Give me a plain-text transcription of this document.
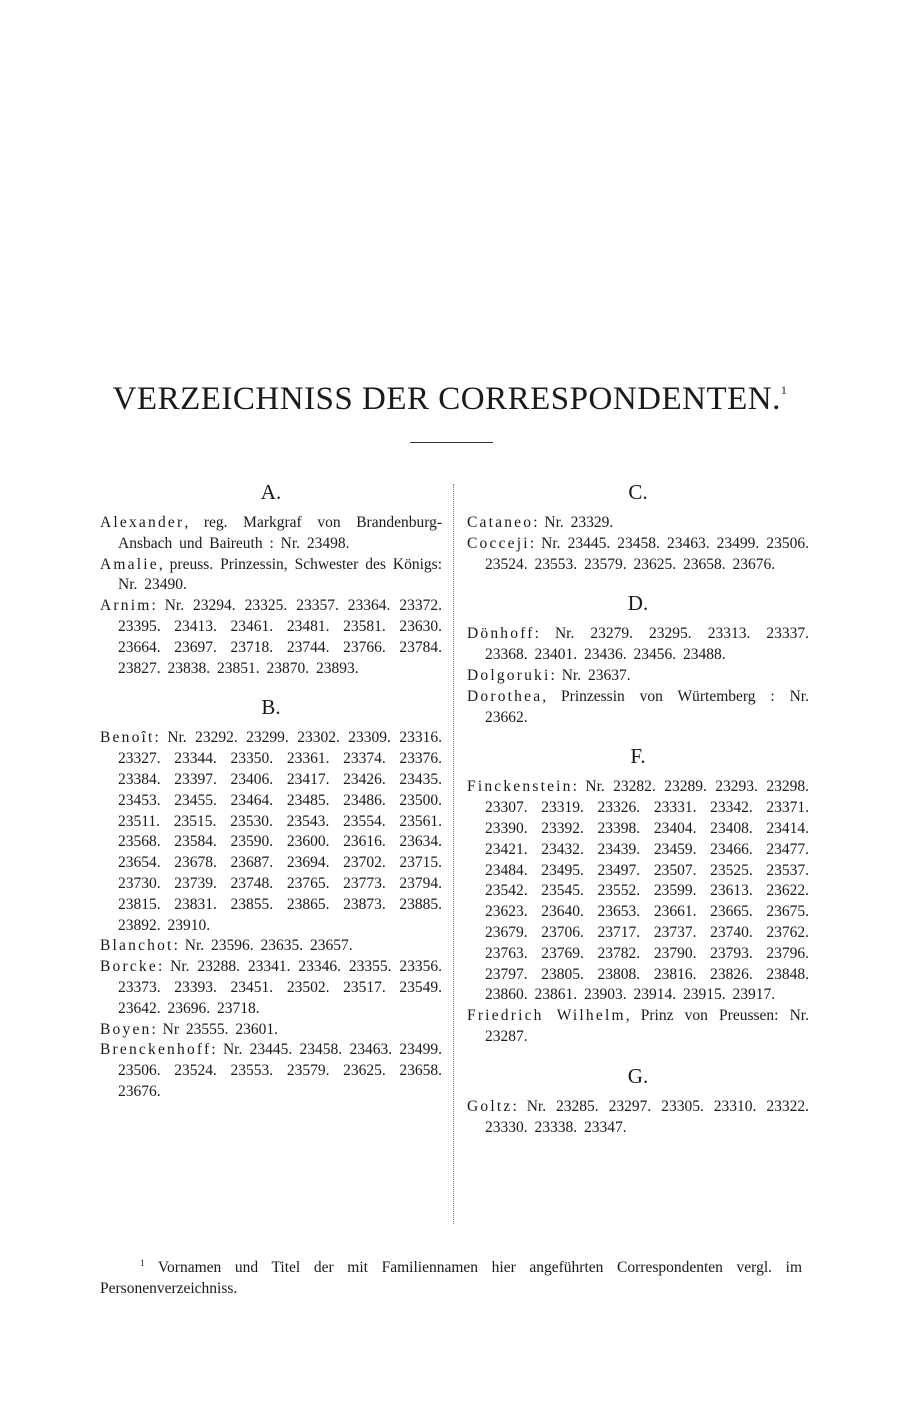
VERZEICHNISS DER CORRESPONDENTEN.$^1$
A.
Alexander, reg. Markgraf von Brandenburg-Ansbach und Baireuth : Nr. 23498.
Amalie, preuss. Prinzessin, Schwester des Königs: Nr. 23490.
Arnim: Nr. 23294. 23325. 23357. 23364. 23372. 23395. 23413. 23461. 23481. 23581. 23630. 23664. 23697. 23718. 23744. 23766. 23784. 23827. 23838. 23851. 23870. 23893.
B.
Benoît: Nr. 23292. 23299. 23302. 23309. 23316. 23327. 23344. 23350. 23361. 23374. 23376. 23384. 23397. 23406. 23417. 23426. 23435. 23453. 23455. 23464. 23485. 23486. 23500. 23511. 23515. 23530. 23543. 23554. 23561. 23568. 23584. 23590. 23600. 23616. 23634. 23654. 23678. 23687. 23694. 23702. 23715. 23730. 23739. 23748. 23765. 23773. 23794. 23815. 23831. 23855. 23865. 23873. 23885. 23892. 23910.
Blanchot: Nr. 23596. 23635. 23657.
Borcke: Nr. 23288. 23341. 23346. 23355. 23356. 23373. 23393. 23451. 23502. 23517. 23549. 23642. 23696. 23718.
Boyen: Nr 23555. 23601.
Brenckenhoff: Nr. 23445. 23458. 23463. 23499. 23506. 23524. 23553. 23579. 23625. 23658. 23676.
C.
Cataneo: Nr. 23329.
Cocceji: Nr. 23445. 23458. 23463. 23499. 23506. 23524. 23553. 23579. 23625. 23658. 23676.
D.
Dönhoff: Nr. 23279. 23295. 23313. 23337. 23368. 23401. 23436. 23456. 23488.
Dolgoruki: Nr. 23637.
Dorothea, Prinzessin von Würtemberg : Nr. 23662.
F.
Finckenstein: Nr. 23282. 23289. 23293. 23298. 23307. 23319. 23326. 23331. 23342. 23371. 23390. 23392. 23398. 23404. 23408. 23414. 23421. 23432. 23439. 23459. 23466. 23477. 23484. 23495. 23497. 23507. 23525. 23537. 23542. 23545. 23552. 23599. 23613. 23622. 23623. 23640. 23653. 23661. 23665. 23675. 23679. 23706. 23717. 23737. 23740. 23762. 23763. 23769. 23782. 23790. 23793. 23796. 23797. 23805. 23808. 23816. 23826. 23848. 23860. 23861. 23903. 23914. 23915. 23917.
Friedrich Wilhelm, Prinz von Preussen: Nr. 23287.
G.
Goltz: Nr. 23285. 23297. 23305. 23310. 23322. 23330. 23338. 23347.
$^1$ Vornamen und Titel der mit Familiennamen hier angeführten Correspondenten vergl. im Personenverzeichniss.
